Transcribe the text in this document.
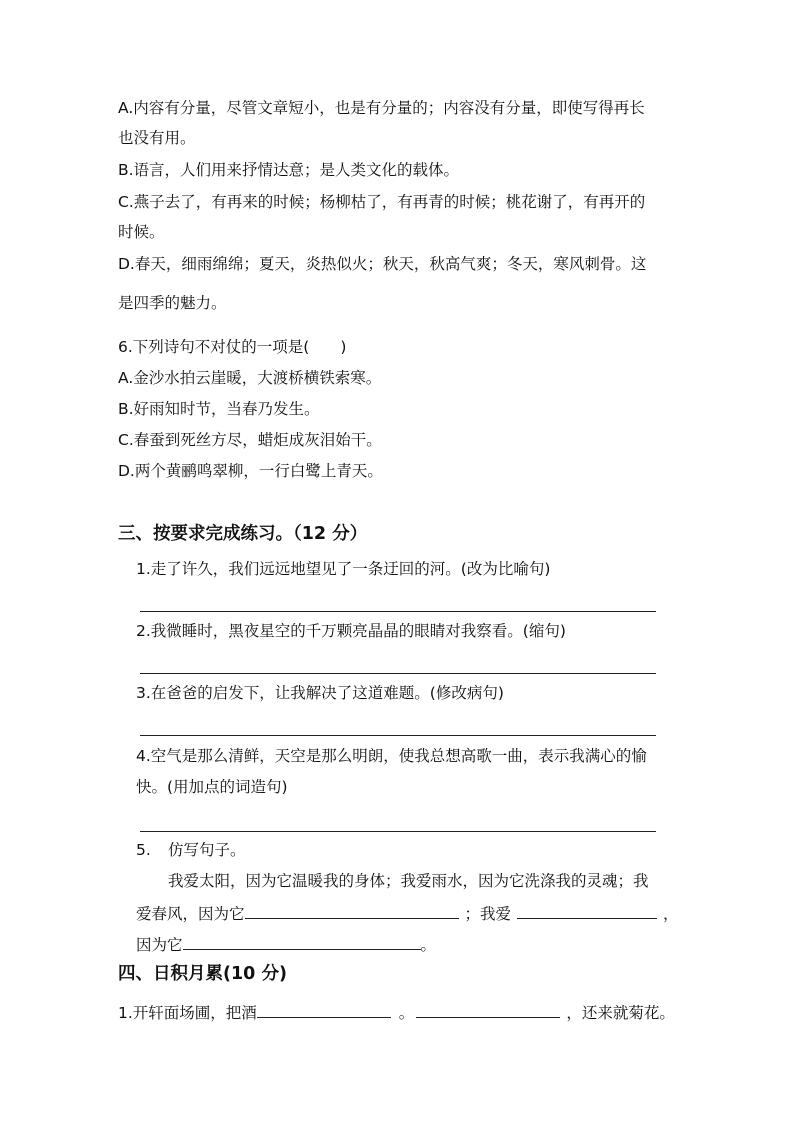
A.内容有分量，尽管文章短小，也是有分量的；内容没有分量，即使写得再长
也没有用。
B.语言，人们用来抒情达意；是人类文化的载体。
C.燕子去了，有再来的时候；杨柳枯了，有再青的时候；桃花谢了，有再开的
时候。
D.春天，细雨绵绵；夏天，炎热似火；秋天，秋高气爽；冬天，寒风刺骨。这
是四季的魅力。
6.下列诗句不对仗的一项是(　　)
A.金沙水拍云崖暖，大渡桥横铁索寒。
B.好雨知时节，当春乃发生。
C.春蚕到死丝方尽，蜡炬成灰泪始干。
D.两个黄鹂鸣翠柳，一行白鹭上青天。
三、按要求完成练习。（12 分）
1.走了许久，我们远远地望见了一条迂回的河。(改为比喻句)
2.我微睡时，黑夜星空的千万颗亮晶晶的眼睛对我察看。(缩句)
3.在爸爸的启发下，让我解决了这道难题。(修改病句)
4.空气是那么清鲜，天空是那么明朗，使我总想高歌一曲，表示我满心的愉
快。(用加点的词造句)
5. 仿写句子。
我爱太阳，因为它温暖我的身体；我爱雨水，因为它洗涤我的灵魂；我
爱春风，因为它	；我爱	，
因为它	。
四、日积月累(10 分)
1.开轩面场圃，把酒	。	，还来就菊花。
